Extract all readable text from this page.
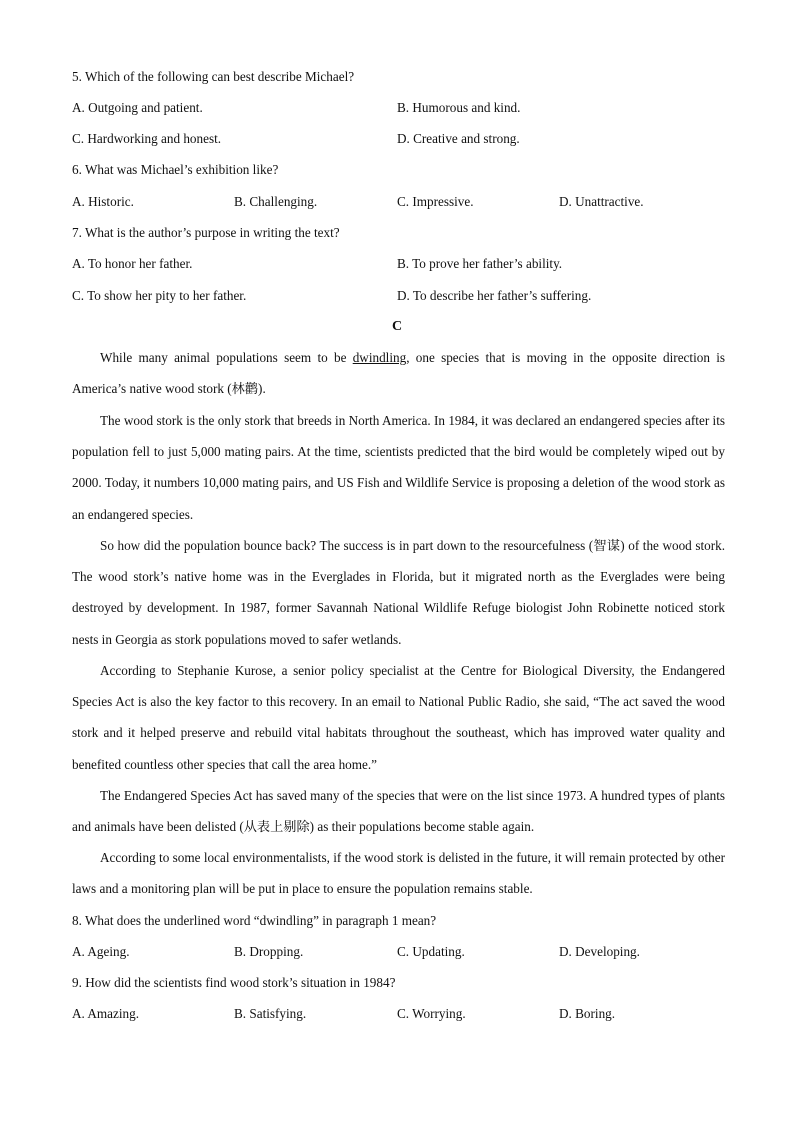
5. Which of the following can best describe Michael?
A. Outgoing and patient.	B. Humorous and kind.
C. Hardworking and honest.	D. Creative and strong.
6. What was Michael’s exhibition like?
A. Historic.	B. Challenging.	C. Impressive.	D. Unattractive.
7. What is the author’s purpose in writing the text?
A. To honor her father.	B. To prove her father’s ability.
C. To show her pity to her father.	D. To describe her father’s suffering.
C

While many animal populations seem to be dwindling, one species that is moving in the opposite direction is America’s native wood stork (林鹳).

The wood stork is the only stork that breeds in North America. In 1984, it was declared an endangered species after its population fell to just 5,000 mating pairs. At the time, scientists predicted that the bird would be completely wiped out by 2000. Today, it numbers 10,000 mating pairs, and US Fish and Wildlife Service is proposing a deletion of the wood stork as an endangered species.

So how did the population bounce back? The success is in part down to the resourcefulness (智谋) of the wood stork. The wood stork’s native home was in the Everglades in Florida, but it migrated north as the Everglades were being destroyed by development. In 1987, former Savannah National Wildlife Refuge biologist John Robinette noticed stork nests in Georgia as stork populations moved to safer wetlands.

According to Stephanie Kurose, a senior policy specialist at the Centre for Biological Diversity, the Endangered Species Act is also the key factor to this recovery. In an email to National Public Radio, she said, “The act saved the wood stork and it helped preserve and rebuild vital habitats throughout the southeast, which has improved water quality and benefited countless other species that call the area home.”

The Endangered Species Act has saved many of the species that were on the list since 1973. A hundred types of plants and animals have been delisted (从表上剔除) as their populations become stable again.

According to some local environmentalists, if the wood stork is delisted in the future, it will remain protected by other laws and a monitoring plan will be put in place to ensure the population remains stable.

8. What does the underlined word “dwindling” in paragraph 1 mean?
A. Ageing.	B. Dropping.	C. Updating.	D. Developing.
9. How did the scientists find wood stork’s situation in 1984?
A. Amazing.	B. Satisfying.	C. Worrying.	D. Boring.
